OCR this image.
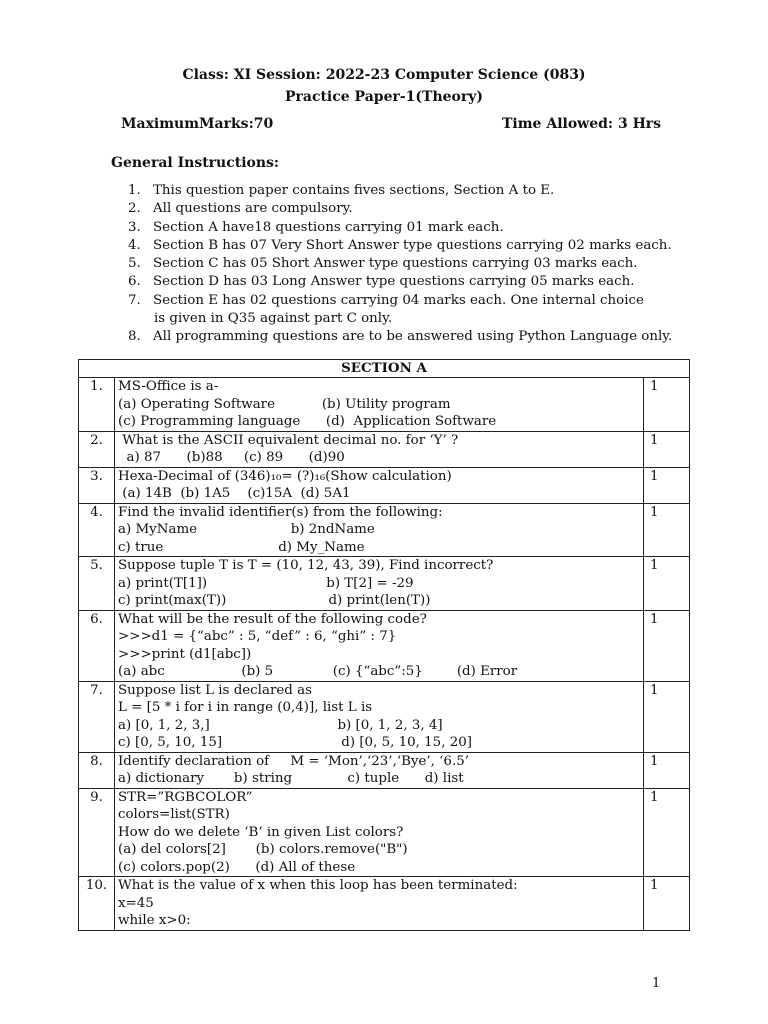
Class: XI Session: 2022-23 Computer Science (083)
Practice Paper-1(Theory)
MaximumMarks:70	Time Allowed: 3 Hrs
General Instructions:
1. This question paper contains fives sections, Section A to E.
2. All questions are compulsory.
3. Section A have18 questions carrying 01 mark each.
4. Section B has 07 Very Short Answer type questions carrying 02 marks each.
5. Section C has 05 Short Answer type questions carrying 03 marks each.
6. Section D has 03 Long Answer type questions carrying 05 marks each.
7. Section E has 02 questions carrying 04 marks each. One internal choice
is given in Q35 against part C only.
8. All programming questions are to be answered using Python Language only.
SECTION A		
1.	MS-Office is a-
(a) Operating Software           (b) Utility program
(c) Programming language      (d)  Application Software	1
2.	What is the ASCII equivalent decimal no. for ‘Y’ ?
a) 87      (b)88     (c) 89      (d)90	1
3.	Hexa-Decimal of (346)₁₀= (?)₁₆(Show calculation)
(a) 14B  (b) 1A5    (c)15A  (d) 5A1	1
4.	Find the invalid identifier(s) from the following:
a) MyName                      b) 2ndName
c) true                           d) My_Name	1
5.	Suppose tuple T is T = (10, 12, 43, 39), Find incorrect?
a) print(T[1])                            b) T[2] = -29
c) print(max(T))                        d) print(len(T))	1
6.	What will be the result of the following code?
>>>d1 = {“abc” : 5, “def” : 6, “ghi” : 7}
>>>print (d1[abc])
(a) abc                  (b) 5              (c) {“abc”:5}        (d) Error	1
7.	Suppose list L is declared as
L = [5 * i for i in range (0,4)], list L is
a) [0, 1, 2, 3,]                              b) [0, 1, 2, 3, 4]
c) [0, 5, 10, 15]                            d) [0, 5, 10, 15, 20]	1
8.	Identify declaration of     M = ‘Mon’,‘23’,‘Bye’, ‘6.5’
a) dictionary       b) string             c) tuple      d) list	1
9.	STR=”RGBCOLOR”
colors=list(STR)
How do we delete ‘B’ in given List colors?
(a) del colors[2]       (b) colors.remove("B")
(c) colors.pop(2)      (d) All of these	1
10.	What is the value of x when this loop has been terminated:
x=45
while x>0:	1
1
